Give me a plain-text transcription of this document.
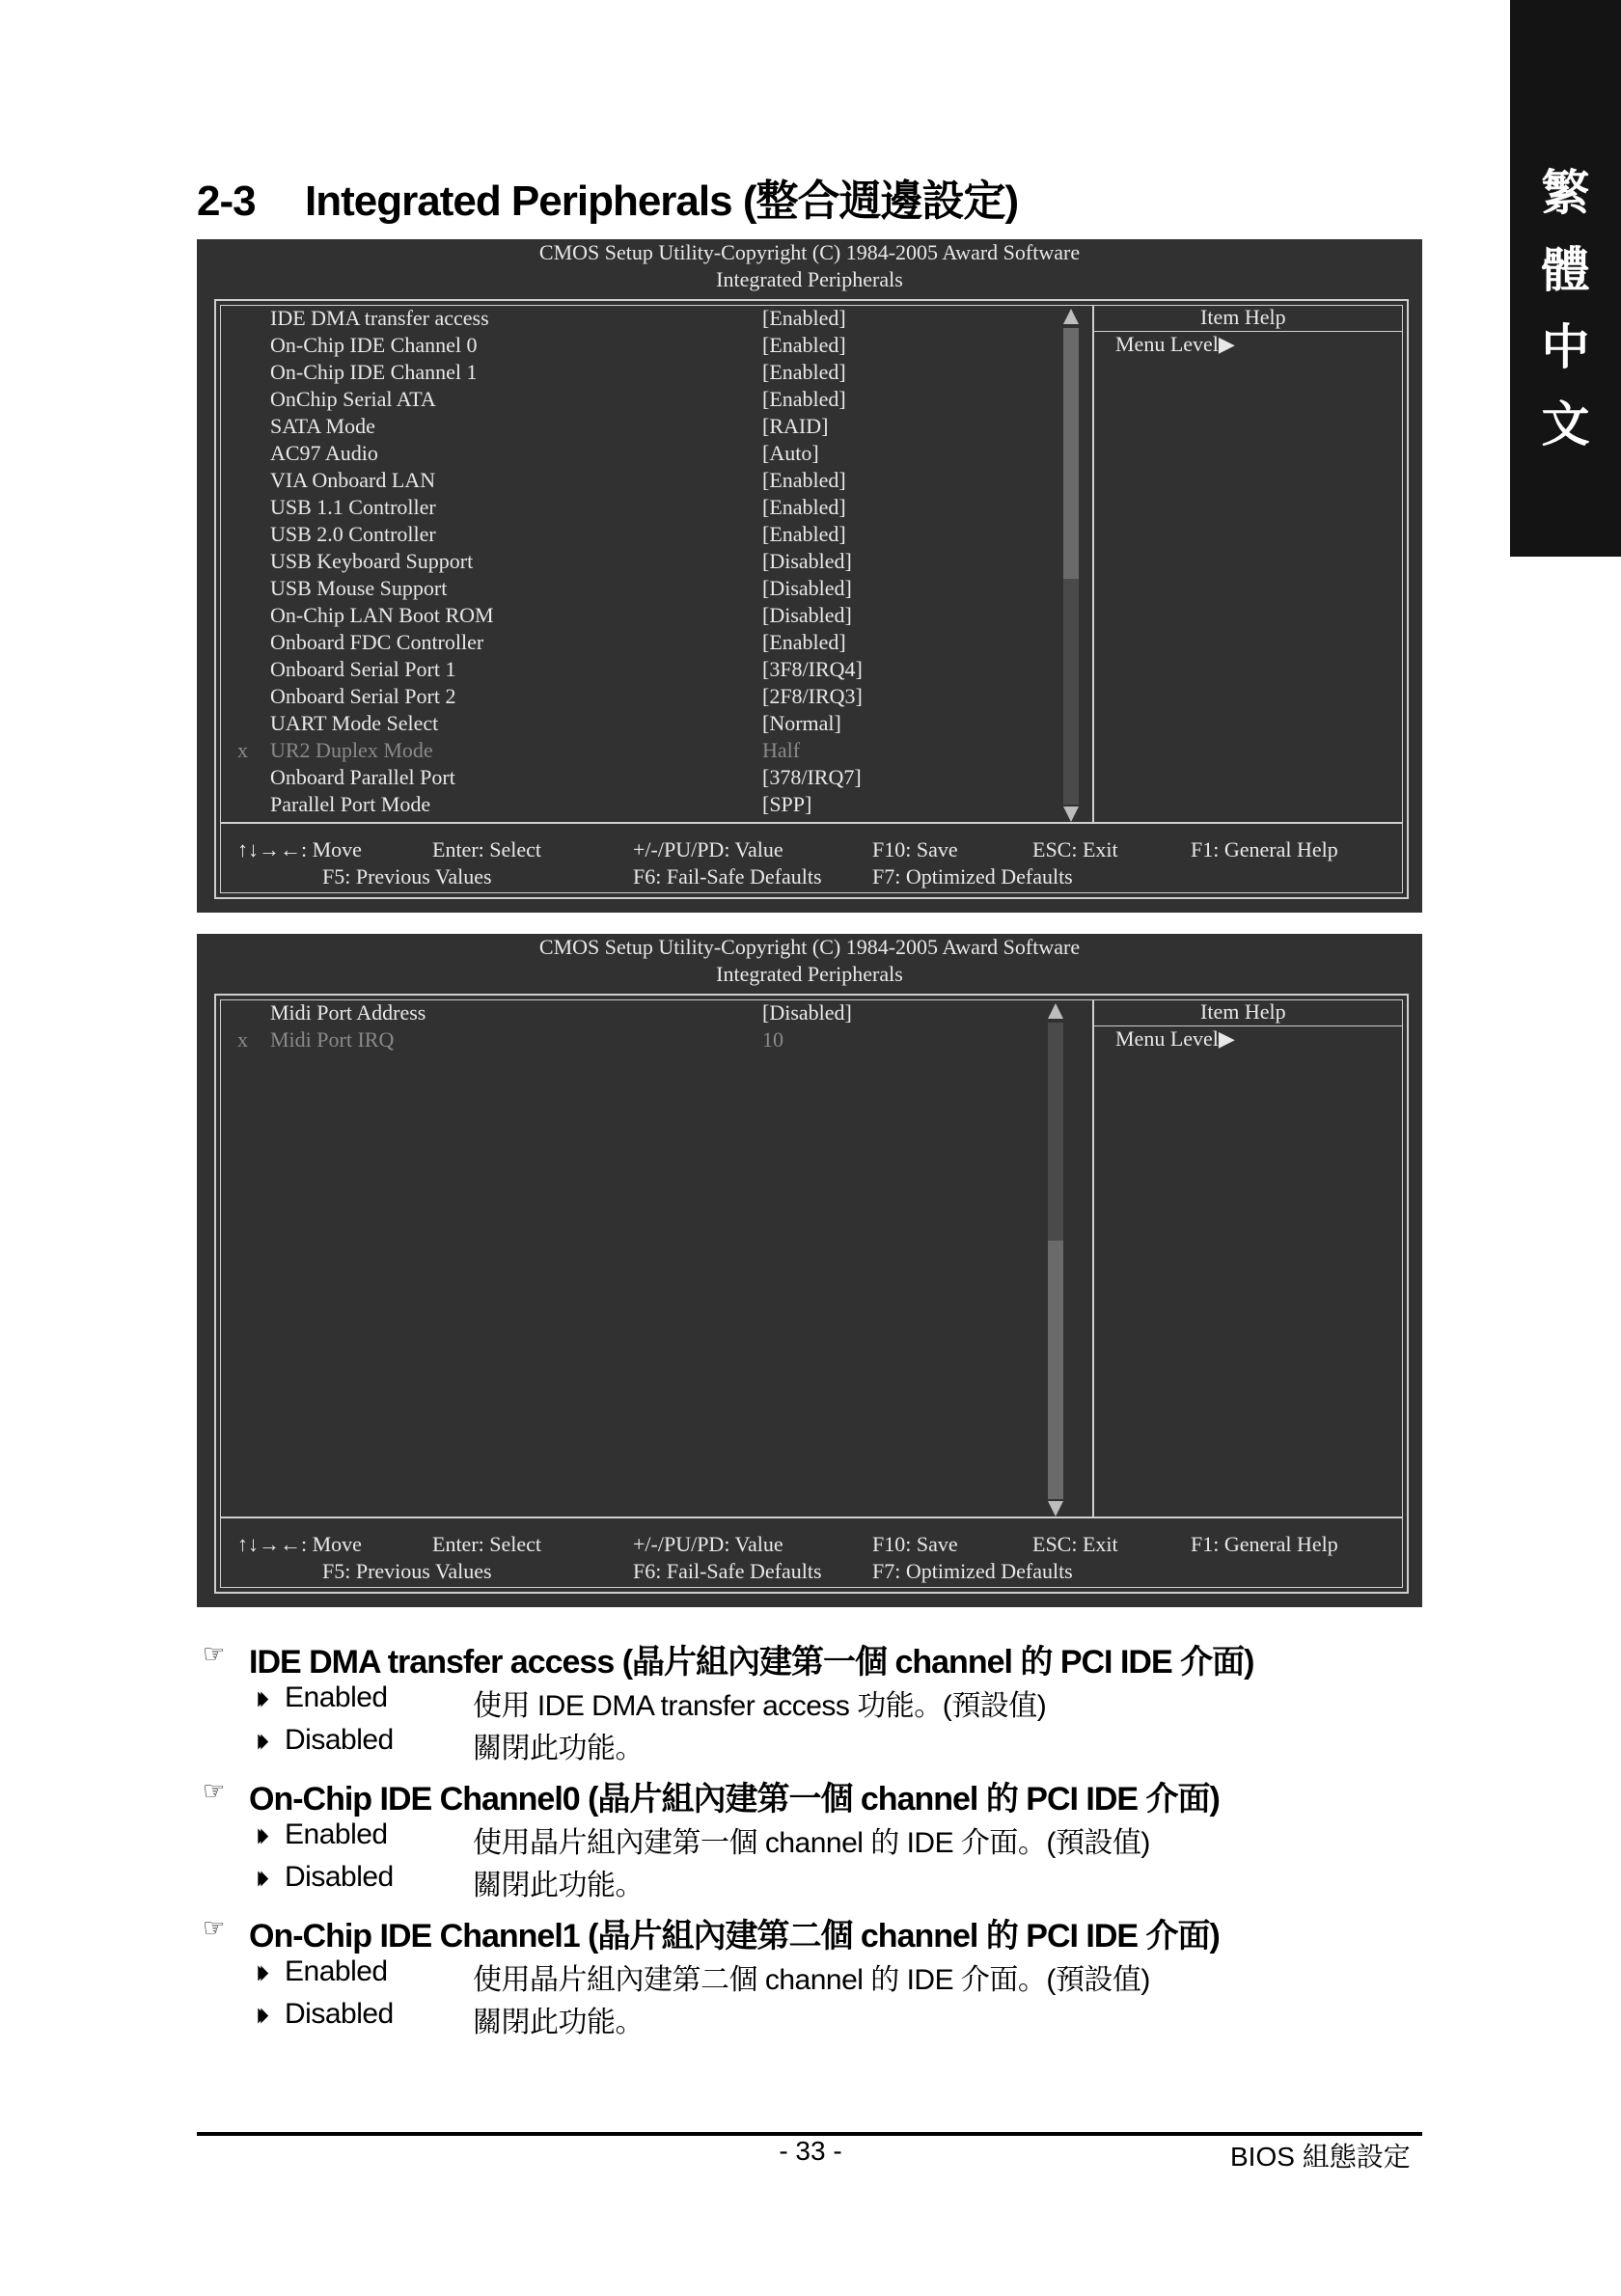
繁
體
中
文
2-3 Integrated Peripherals (整合週邊設定)
CMOS Setup Utility-Copyright (C) 1984-2005 Award Software
Integrated Peripherals
IDE DMA transfer access	[Enabled]
On-Chip IDE Channel 0	[Enabled]
On-Chip IDE Channel 1	[Enabled]
OnChip Serial ATA	[Enabled]
SATA Mode	[RAID]
AC97 Audio	[Auto]
VIA Onboard LAN	[Enabled]
USB 1.1 Controller	[Enabled]
USB 2.0 Controller	[Enabled]
USB Keyboard Support	[Disabled]
USB Mouse Support	[Disabled]
On-Chip LAN Boot ROM	[Disabled]
Onboard FDC Controller	[Enabled]
Onboard Serial Port 1	[3F8/IRQ4]
Onboard Serial Port 2	[2F8/IRQ3]
UART Mode Select	[Normal]
x UR2 Duplex Mode	Half
Onboard Parallel Port	[378/IRQ7]
Parallel Port Mode	[SPP]
Item Help
Menu Level▶
↑↓→←: Move	Enter: Select	+/-/PU/PD: Value	F10: Save	ESC: Exit	F1: General Help
F5: Previous Values	F6: Fail-Safe Defaults F7: Optimized Defaults
CMOS Setup Utility-Copyright (C) 1984-2005 Award Software
Integrated Peripherals
Midi Port Address	[Disabled]
x Midi Port IRQ	10
Item Help
Menu Level▶
↑↓→←: Move	Enter: Select	+/-/PU/PD: Value	F10: Save	ESC: Exit	F1: General Help
F5: Previous Values	F6: Fail-Safe Defaults F7: Optimized Defaults
☞ IDE DMA transfer access (晶片組內建第一個 channel 的 PCI IDE 介面)
⏵⏵ Enabled	使用 IDE DMA transfer access 功能。(預設值)
⏵⏵ Disabled	關閉此功能。
☞ On-Chip IDE Channel0 (晶片組內建第一個 channel 的 PCI IDE 介面)
⏵⏵ Enabled	使用晶片組內建第一個 channel 的 IDE 介面。(預設值)
⏵⏵ Disabled	關閉此功能。
☞ On-Chip IDE Channel1 (晶片組內建第二個 channel 的 PCI IDE 介面)
⏵⏵ Enabled	使用晶片組內建第二個 channel 的 IDE 介面。(預設值)
⏵⏵ Disabled	關閉此功能。
- 33 -	BIOS 組態設定
